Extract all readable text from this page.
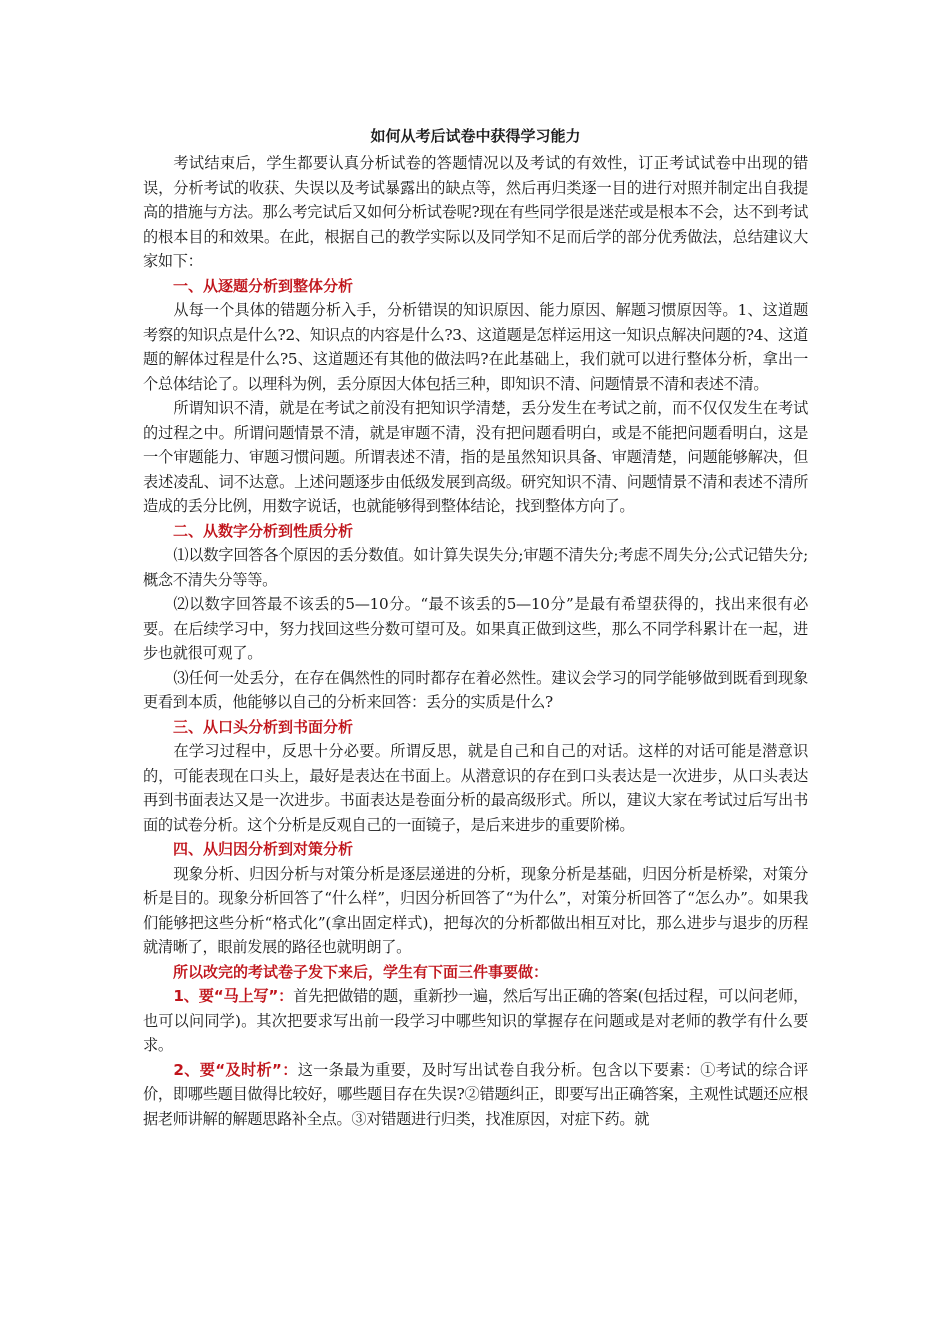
如何从考后试卷中获得学习能力

考试结束后，学生都要认真分析试卷的答题情况以及考试的有效性，订正考试试卷中出现的错误，分析考试的收获、失误以及考试暴露出的缺点等，然后再归类逐一目的进行对照并制定出自我提高的措施与方法。那么考完试后又如何分析试卷呢?现在有些同学很是迷茫或是根本不会，达不到考试的根本目的和效果。在此，根据自己的教学实际以及同学知不足而后学的部分优秀做法，总结建议大家如下：

一、从逐题分析到整体分析

从每一个具体的错题分析入手，分析错误的知识原因、能力原因、解题习惯原因等。1、这道题考察的知识点是什么?2、知识点的内容是什么?3、这道题是怎样运用这一知识点解决问题的?4、这道题的解体过程是什么?5、这道题还有其他的做法吗?在此基础上，我们就可以进行整体分析，拿出一个总体结论了。以理科为例，丢分原因大体包括三种，即知识不清、问题情景不清和表述不清。

所谓知识不清，就是在考试之前没有把知识学清楚，丢分发生在考试之前，而不仅仅发生在考试的过程之中。所谓问题情景不清，就是审题不清，没有把问题看明白，或是不能把问题看明白，这是一个审题能力、审题习惯问题。所谓表述不清，指的是虽然知识具备、审题清楚，问题能够解决，但表述凌乱、词不达意。上述问题逐步由低级发展到高级。研究知识不清、问题情景不清和表述不清所造成的丢分比例，用数字说话，也就能够得到整体结论，找到整体方向了。

二、从数字分析到性质分析

⑴以数字回答各个原因的丢分数值。如计算失误失分;审题不清失分;考虑不周失分;公式记错失分;概念不清失分等等。

⑵以数字回答最不该丢的5—10分。“最不该丢的5—10分”是最有希望获得的，找出来很有必要。在后续学习中，努力找回这些分数可望可及。如果真正做到这些，那么不同学科累计在一起，进步也就很可观了。

⑶任何一处丢分，在存在偶然性的同时都存在着必然性。建议会学习的同学能够做到既看到现象更看到本质，他能够以自己的分析来回答：丢分的实质是什么?

三、从口头分析到书面分析

在学习过程中，反思十分必要。所谓反思，就是自己和自己的对话。这样的对话可能是潜意识的，可能表现在口头上，最好是表达在书面上。从潜意识的存在到口头表达是一次进步，从口头表达再到书面表达又是一次进步。书面表达是卷面分析的最高级形式。所以，建议大家在考试过后写出书面的试卷分析。这个分析是反观自己的一面镜子，是后来进步的重要阶梯。

四、从归因分析到对策分析

现象分析、归因分析与对策分析是逐层递进的分析，现象分析是基础，归因分析是桥梁，对策分析是目的。现象分析回答了“什么样”，归因分析回答了“为什么”，对策分析回答了“怎么办”。如果我们能够把这些分析“格式化”(拿出固定样式)，把每次的分析都做出相互对比，那么进步与退步的历程就清晰了，眼前发展的路径也就明朗了。

所以改完的考试卷子发下来后，学生有下面三件事要做：

1、要“马上写”：首先把做错的题，重新抄一遍，然后写出正确的答案(包括过程，可以问老师，也可以问同学)。其次把要求写出前一段学习中哪些知识的掌握存在问题或是对老师的教学有什么要求。

2、要“及时析”：这一条最为重要，及时写出试卷自我分析。包含以下要素：①考试的综合评价，即哪些题目做得比较好，哪些题目存在失误?②错题纠正，即要写出正确答案，主观性试题还应根据老师讲解的解题思路补全点。③对错题进行归类，找准原因，对症下药。就
